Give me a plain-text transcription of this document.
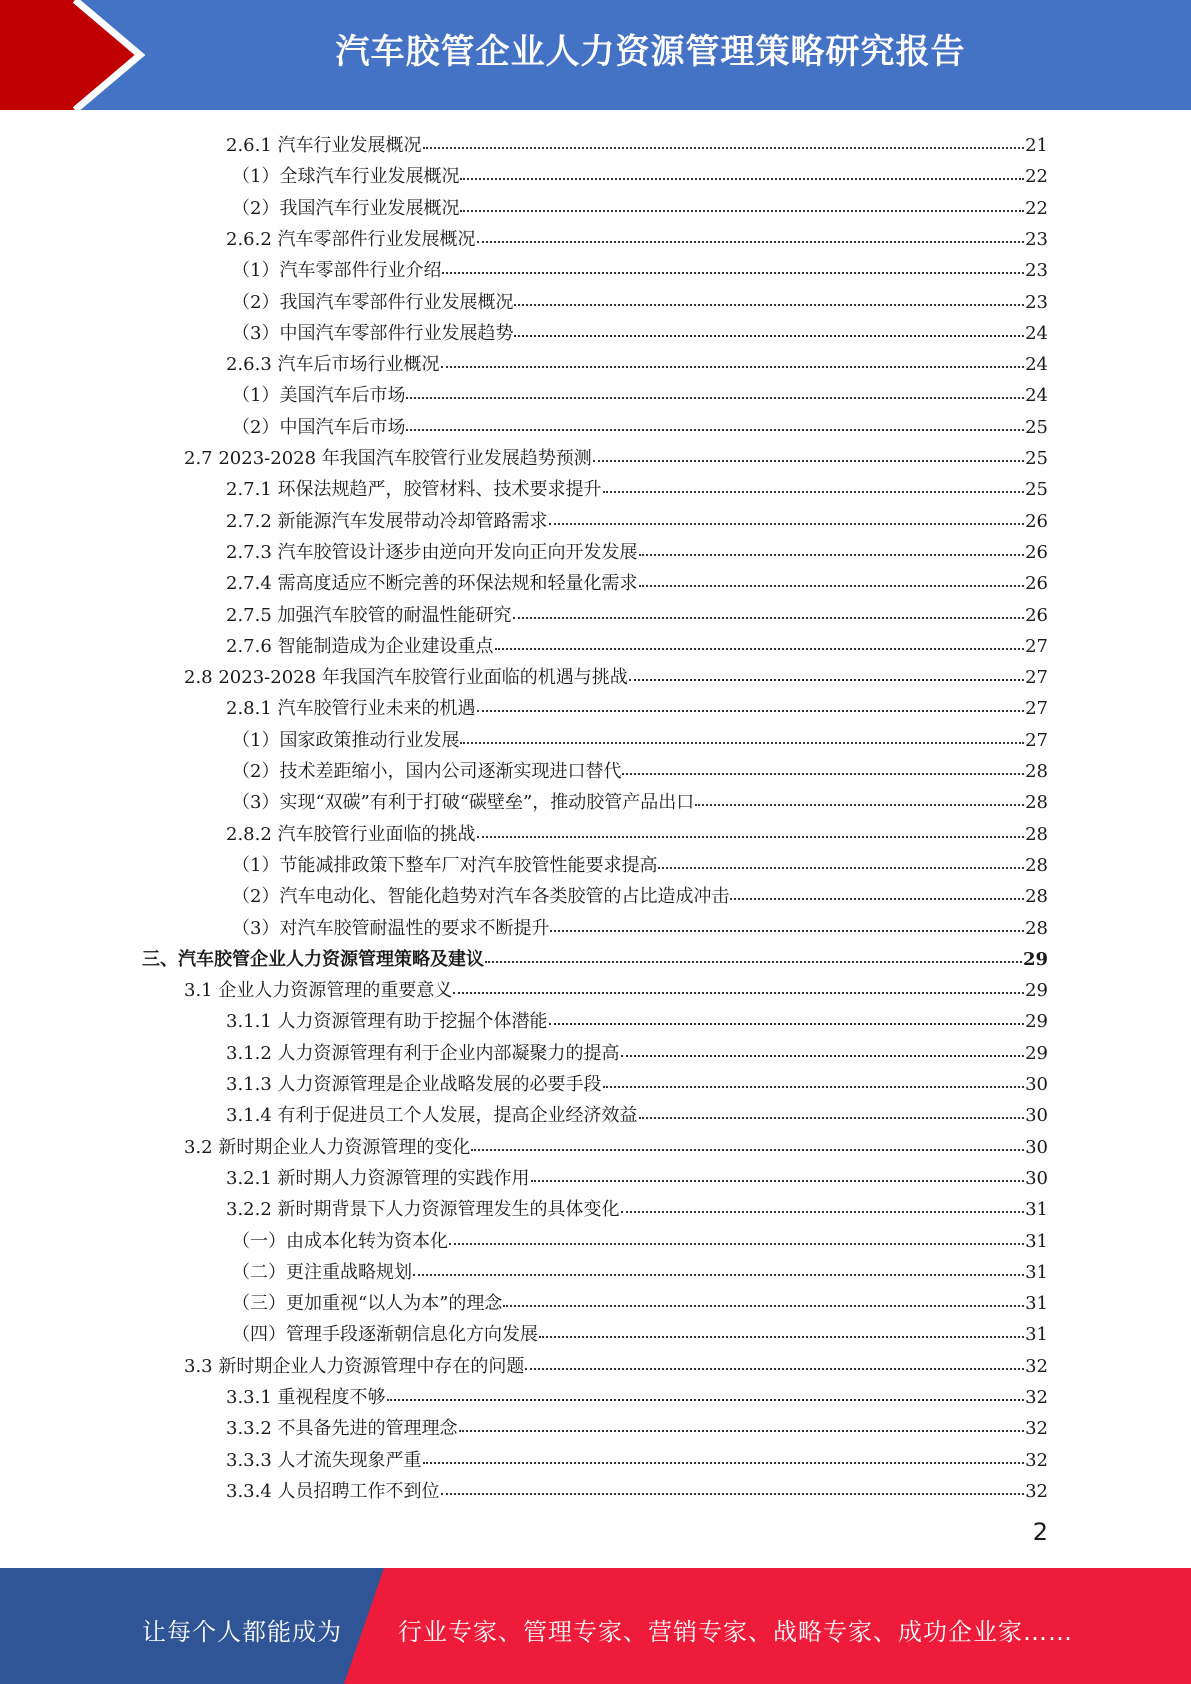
汽车胶管企业人力资源管理策略研究报告
2.6.1 汽车行业发展概况	21
（1）全球汽车行业发展概况	22
（2）我国汽车行业发展概况	22
2.6.2 汽车零部件行业发展概况	23
（1）汽车零部件行业介绍	23
（2）我国汽车零部件行业发展概况	23
（3）中国汽车零部件行业发展趋势	24
2.6.3 汽车后市场行业概况	24
（1）美国汽车后市场	24
（2）中国汽车后市场	25
2.7 2023-2028 年我国汽车胶管行业发展趋势预测	25
2.7.1 环保法规趋严，胶管材料、技术要求提升	25
2.7.2 新能源汽车发展带动冷却管路需求	26
2.7.3 汽车胶管设计逐步由逆向开发向正向开发发展	26
2.7.4 需高度适应不断完善的环保法规和轻量化需求	26
2.7.5 加强汽车胶管的耐温性能研究	26
2.7.6 智能制造成为企业建设重点	27
2.8 2023-2028 年我国汽车胶管行业面临的机遇与挑战	27
2.8.1 汽车胶管行业未来的机遇	27
（1）国家政策推动行业发展	27
（2）技术差距缩小，国内公司逐渐实现进口替代	28
（3）实现“双碳”有利于打破“碳壁垒”，推动胶管产品出口	28
2.8.2 汽车胶管行业面临的挑战	28
（1）节能减排政策下整车厂对汽车胶管性能要求提高	28
（2）汽车电动化、智能化趋势对汽车各类胶管的占比造成冲击	28
（3）对汽车胶管耐温性的要求不断提升	28
三、汽车胶管企业人力资源管理策略及建议	29
3.1 企业人力资源管理的重要意义	29
3.1.1 人力资源管理有助于挖掘个体潜能	29
3.1.2 人力资源管理有利于企业内部凝聚力的提高	29
3.1.3 人力资源管理是企业战略发展的必要手段	30
3.1.4 有利于促进员工个人发展，提高企业经济效益	30
3.2 新时期企业人力资源管理的变化	30
3.2.1 新时期人力资源管理的实践作用	30
3.2.2 新时期背景下人力资源管理发生的具体变化	31
（一）由成本化转为资本化	31
（二）更注重战略规划	31
（三）更加重视“以人为本”的理念	31
（四）管理手段逐渐朝信息化方向发展	31
3.3 新时期企业人力资源管理中存在的问题	32
3.3.1 重视程度不够	32
3.3.2 不具备先进的管理理念	32
3.3.3 人才流失现象严重	32
3.3.4 人员招聘工作不到位	32
2
让每个人都能成为 行业专家、管理专家、营销专家、战略专家、成功企业家……
